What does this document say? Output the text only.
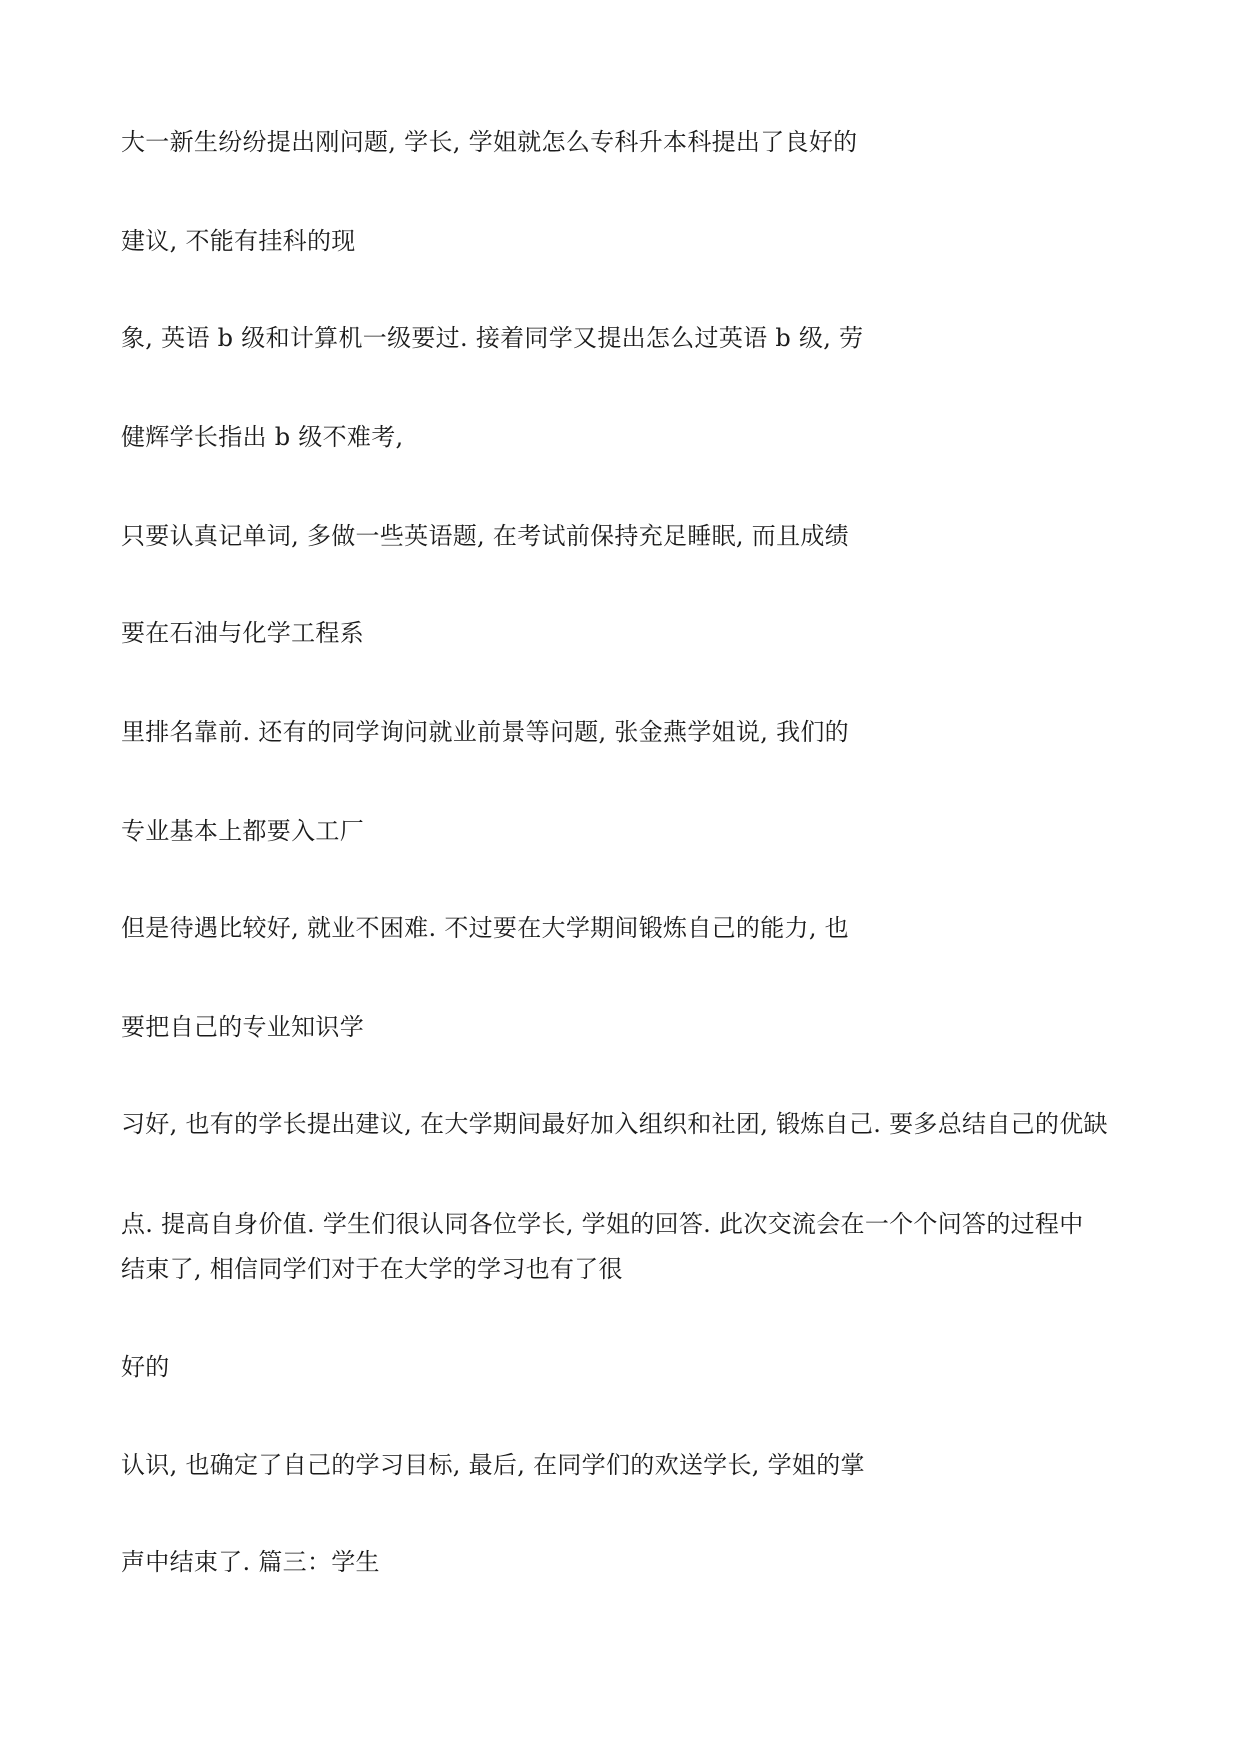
大一新生纷纷提出刚问题, 学长, 学姐就怎么专科升本科提出了良好的

建议, 不能有挂科的现

象, 英语 b 级和计算机一级要过. 接着同学又提出怎么过英语 b 级, 劳

健辉学长指出 b 级不难考,

只要认真记单词, 多做一些英语题, 在考试前保持充足睡眠, 而且成绩

要在石油与化学工程系

里排名靠前. 还有的同学询问就业前景等问题, 张金燕学姐说, 我们的

专业基本上都要入工厂

但是待遇比较好, 就业不困难. 不过要在大学期间锻炼自己的能力, 也

要把自己的专业知识学

习好, 也有的学长提出建议, 在大学期间最好加入组织和社团, 锻炼自己. 要多总结自己的优缺

点. 提高自身价值. 学生们很认同各位学长, 学姐的回答. 此次交流会在一个个问答的过程中

结束了, 相信同学们对于在大学的学习也有了很

好的

认识, 也确定了自己的学习目标, 最后, 在同学们的欢送学长, 学姐的掌

声中结束了. 篇三：学生
